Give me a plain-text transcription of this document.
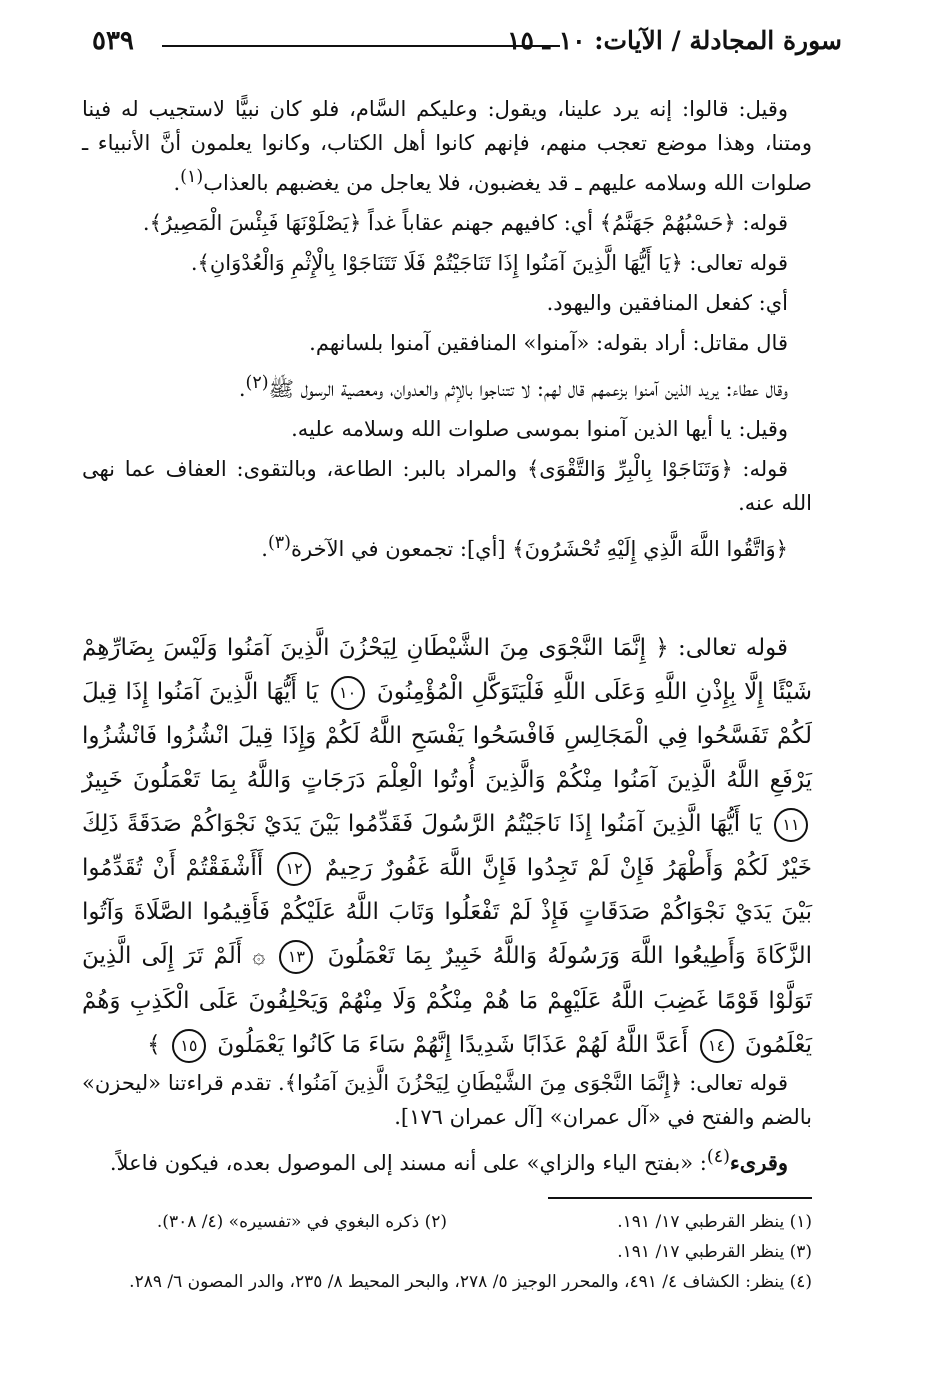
سورة المجادلة / الآيات: ١٠ ـ ١٥
٥٣٩

وقيل: قالوا: إنه يرد علينا، ويقول: وعليكم السَّام، فلو كان نبيًّا لاستجيب له فينا ومتنا، وهذا موضع تعجب منهم، فإنهم كانوا أهل الكتاب، وكانوا يعلمون أنَّ الأنبياء ـ صلوات الله وسلامه عليهم ـ قد يغضبون، فلا يعاجل من يغضبهم بالعذاب$^{(١)}$.

قوله: ﴿حَسْبُهُمْ جَهَنَّمُ﴾ أي: كافيهم جهنم عقاباً غداً ﴿يَصْلَوْنَهَا فَبِئْسَ الْمَصِيرُ﴾.

قوله تعالى: ﴿يَا أَيُّهَا الَّذِينَ آمَنُوا إِذَا تَنَاجَيْتُمْ فَلَا تَتَنَاجَوْا بِالْإِثْمِ وَالْعُدْوَانِ﴾.

أي: كفعل المنافقين واليهود.

قال مقاتل: أراد بقوله: «آمنوا» المنافقين آمنوا بلسانهم.

وقال عطاء: يريد الذين آمنوا بزعمهم قال لهم: لا تتناجوا بالإثم والعدوان، ومعصية الرسول ﷺ$^{(٢)}$.

وقيل: يا أيها الذين آمنوا بموسى صلوات الله وسلامه عليه.

قوله: ﴿وَتَنَاجَوْا بِالْبِرِّ وَالتَّقْوَى﴾ والمراد بالبر: الطاعة، وبالتقوى: العفاف عما نهى الله عنه.

﴿وَاتَّقُوا اللَّهَ الَّذِي إِلَيْهِ تُحْشَرُونَ﴾ [أي]: تجمعون في الآخرة$^{(٣)}$.

قوله تعالى: ﴿ إِنَّمَا النَّجْوَى مِنَ الشَّيْطَانِ لِيَحْزُنَ الَّذِينَ آمَنُوا وَلَيْسَ بِضَارِّهِمْ شَيْئًا إِلَّا بِإِذْنِ اللَّهِ وَعَلَى اللَّهِ فَلْيَتَوَكَّلِ الْمُؤْمِنُونَ ١٠ يَا أَيُّهَا الَّذِينَ آمَنُوا إِذَا قِيلَ لَكُمْ تَفَسَّحُوا فِي الْمَجَالِسِ فَافْسَحُوا يَفْسَحِ اللَّهُ لَكُمْ وَإِذَا قِيلَ انْشُزُوا فَانْشُزُوا يَرْفَعِ اللَّهُ الَّذِينَ آمَنُوا مِنْكُمْ وَالَّذِينَ أُوتُوا الْعِلْمَ دَرَجَاتٍ وَاللَّهُ بِمَا تَعْمَلُونَ خَبِيرٌ ١١ يَا أَيُّهَا الَّذِينَ آمَنُوا إِذَا نَاجَيْتُمُ الرَّسُولَ فَقَدِّمُوا بَيْنَ يَدَيْ نَجْوَاكُمْ صَدَقَةً ذَلِكَ خَيْرٌ لَكُمْ وَأَطْهَرُ فَإِنْ لَمْ تَجِدُوا فَإِنَّ اللَّهَ غَفُورٌ رَحِيمٌ ١٢ أَأَشْفَقْتُمْ أَنْ تُقَدِّمُوا بَيْنَ يَدَيْ نَجْوَاكُمْ صَدَقَاتٍ فَإِذْ لَمْ تَفْعَلُوا وَتَابَ اللَّهُ عَلَيْكُمْ فَأَقِيمُوا الصَّلَاةَ وَآتُوا الزَّكَاةَ وَأَطِيعُوا اللَّهَ وَرَسُولَهُ وَاللَّهُ خَبِيرٌ بِمَا تَعْمَلُونَ ١٣ ۞ أَلَمْ تَرَ إِلَى الَّذِينَ تَوَلَّوْا قَوْمًا غَضِبَ اللَّهُ عَلَيْهِمْ مَا هُمْ مِنْكُمْ وَلَا مِنْهُمْ وَيَحْلِفُونَ عَلَى الْكَذِبِ وَهُمْ يَعْلَمُونَ ١٤ أَعَدَّ اللَّهُ لَهُمْ عَذَابًا شَدِيدًا إِنَّهُمْ سَاءَ مَا كَانُوا يَعْمَلُونَ ١٥ ﴾

قوله تعالى: ﴿إِنَّمَا النَّجْوَى مِنَ الشَّيْطَانِ لِيَحْزُنَ الَّذِينَ آمَنُوا﴾. تقدم قراءتنا «ليحزن» بالضم والفتح في «آل عمران» [آل عمران ١٧٦].

وقرىء$^{(٤)}$: «بفتح الياء والزاي» على أنه مسند إلى الموصول بعده، فيكون فاعلاً.

(١) ينظر القرطبي ١٧/ ١٩١.
(٢) ذكره البغوي في «تفسيره» (٤/ ٣٠٨).
(٣) ينظر القرطبي ١٧/ ١٩١.
(٤) ينظر: الكشاف ٤/ ٤٩١، والمحرر الوجيز ٥/ ٢٧٨، والبحر المحيط ٨/ ٢٣٥، والدر المصون ٦/ ٢٨٩.
